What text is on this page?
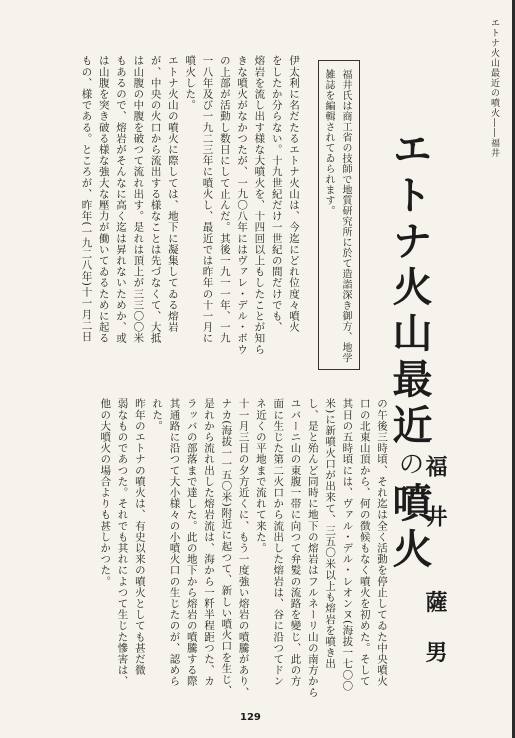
エトナ火山最近の噴火――福井
伊太利に名だたるエトナ火山は、今迄にどれ位度々噴火
をしたか分らない。十九世紀だけ一世紀の間だけでも、
熔岩を流し出す様な大噴火を、十四回以上もしたことが知ら
きな噴火がなかつたが、一九〇八年にはヴァレ・デル・ボウ
の上部が活動し数日にして止んだ。其後一九一一年、一九
一八年及び一九二三年に噴火し、最近では昨年の十一月に
噴火した。
エトナ火山の噴火に際しては、地下に凝集してゐる熔岩
が、中央の火口から流出する様なことは先づなくて、大抵
は山腹の中腹を破つて流れ出す。是れは頂上が三三〇〇米
もあるので、熔岩がそんなに高く迄は昇れないためか、或
は山腹を突き破る様な強大な壓力が働いてゐるために起る
もの、様である。ところが、昨年(一九二八年)十一月二日	福井氏は商工省の技師で地質研究所に於て造詣深き御方、地学
雑誌を編輯されてゐられます。	エトナ火山最近の噴火
福井 薩男
の午後三時頃、それ迄は全く活動を停止してゐた中央噴火
口の北東山頂から、何の徴候もなく噴火を初めた。そして
其日の五時頃には、ヴァル・デル・レオンヌ(海拔一七〇〇
米)に新噴火口が出来て、三五〇米以上も熔岩を噴き出
し、是と殆んど同時に地下の熔岩はフルネーリ山の南方から
ユバーニ山の東腹一帯に向つて弁髪の流路を變じ、此の方
面に生じた第二火口から流出した熔岩は、谷に沿つてドン
ネ近くの平地まで流れて来た。
十一月三日の夕方近くに、もう一度強い熔岩の噴騰があり、
ナカ(海拔一一五〇米)附近に起つて、新しい噴火口を生じ、
是れから流れ出した熔岩流は、海から一粁半程距つた、カ
ラッバの部落まで達した。此の地下から熔岩の噴騰する際
其通路に沿つて大小様々の小噴火口の生じたのが、認めら
れた。
昨年のエトナの噴火は、有史以来の噴火としても甚だ微
弱なものであつた。それでも其れによつて生じた慘害は、
他の大噴火の場合よりも甚しかつた。
129
